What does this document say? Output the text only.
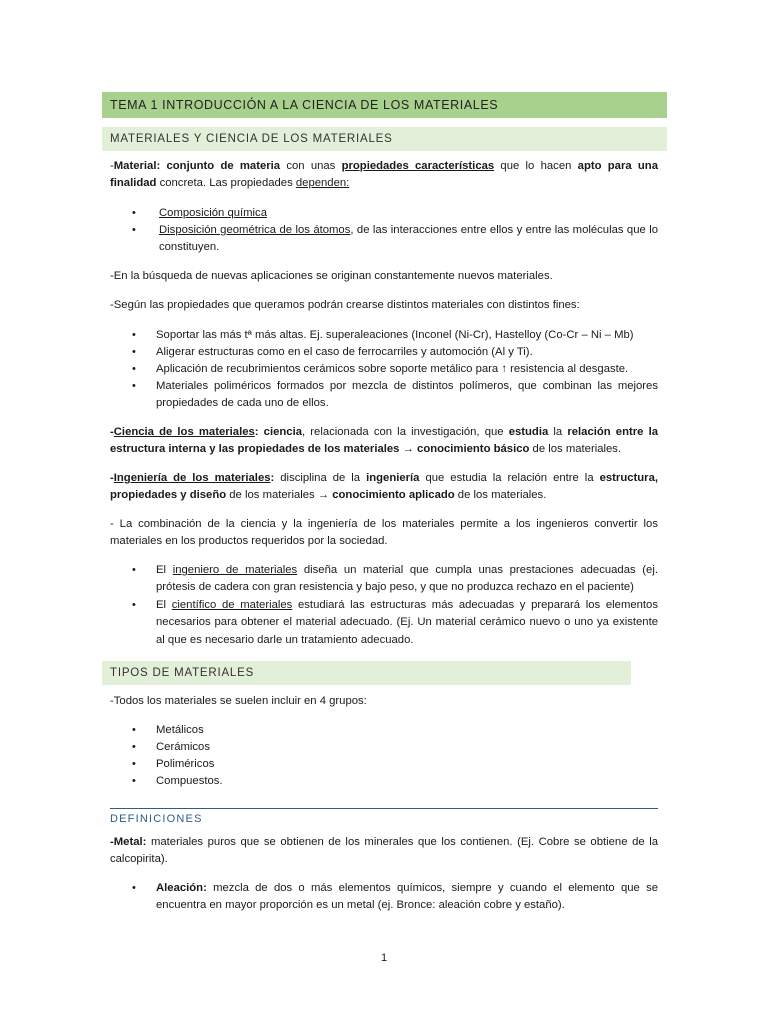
TEMA 1 INTRODUCCIÓN A LA CIENCIA DE LOS MATERIALES
MATERIALES Y CIENCIA DE LOS MATERIALES

-Material: conjunto de materia con unas propiedades características que lo hacen apto para una finalidad concreta. Las propiedades dependen:

• Composición química

• Disposición geométrica de los átomos, de las interacciones entre ellos y entre las moléculas que lo constituyen.

-En la búsqueda de nuevas aplicaciones se originan constantemente nuevos materiales.

-Según las propiedades que queramos podrán crearse distintos materiales con distintos fines:

• Soportar las más tª más altas. Ej. superaleaciones (Inconel (Ni-Cr), Hastelloy (Co-Cr – Ni – Mb)

• Aligerar estructuras como en el caso de ferrocarriles y automoción (Al y Ti).

• Aplicación de recubrimientos cerámicos sobre soporte metálico para ↑ resistencia al desgaste.

• Materiales poliméricos formados por mezcla de distintos polímeros, que combinan las mejores propiedades de cada uno de ellos.

-Ciencia de los materiales: ciencia, relacionada con la investigación, que estudia la relación entre la estructura interna y las propiedades de los materiales → conocimiento básico de los materiales.

-Ingeniería de los materiales: disciplina de la ingeniería que estudia la relación entre la estructura, propiedades y diseño de los materiales → conocimiento aplicado de los materiales.

- La combinación de la ciencia y la ingeniería de los materiales permite a los ingenieros convertir los materiales en los productos requeridos por la sociedad.

• El ingeniero de materiales diseña un material que cumpla unas prestaciones adecuadas (ej. prótesis de cadera con gran resistencia y bajo peso, y que no produzca rechazo en el paciente)

• El científico de materiales estudiará las estructuras más adecuadas y preparará los elementos necesarios para obtener el material adecuado. (Ej. Un material cerámico nuevo o uno ya existente al que es necesario darle un tratamiento adecuado.

TIPOS DE MATERIALES

-Todos los materiales se suelen incluir en 4 grupos:

• Metálicos

• Cerámicos

• Poliméricos

• Compuestos.

DEFINICIONES

-Metal: materiales puros que se obtienen de los minerales que los contienen. (Ej. Cobre se obtiene de la calcopirita).

• Aleación: mezcla de dos o más elementos químicos, siempre y cuando el elemento que se encuentra en mayor proporción es un metal (ej. Bronce: aleación cobre y estaño).

1
